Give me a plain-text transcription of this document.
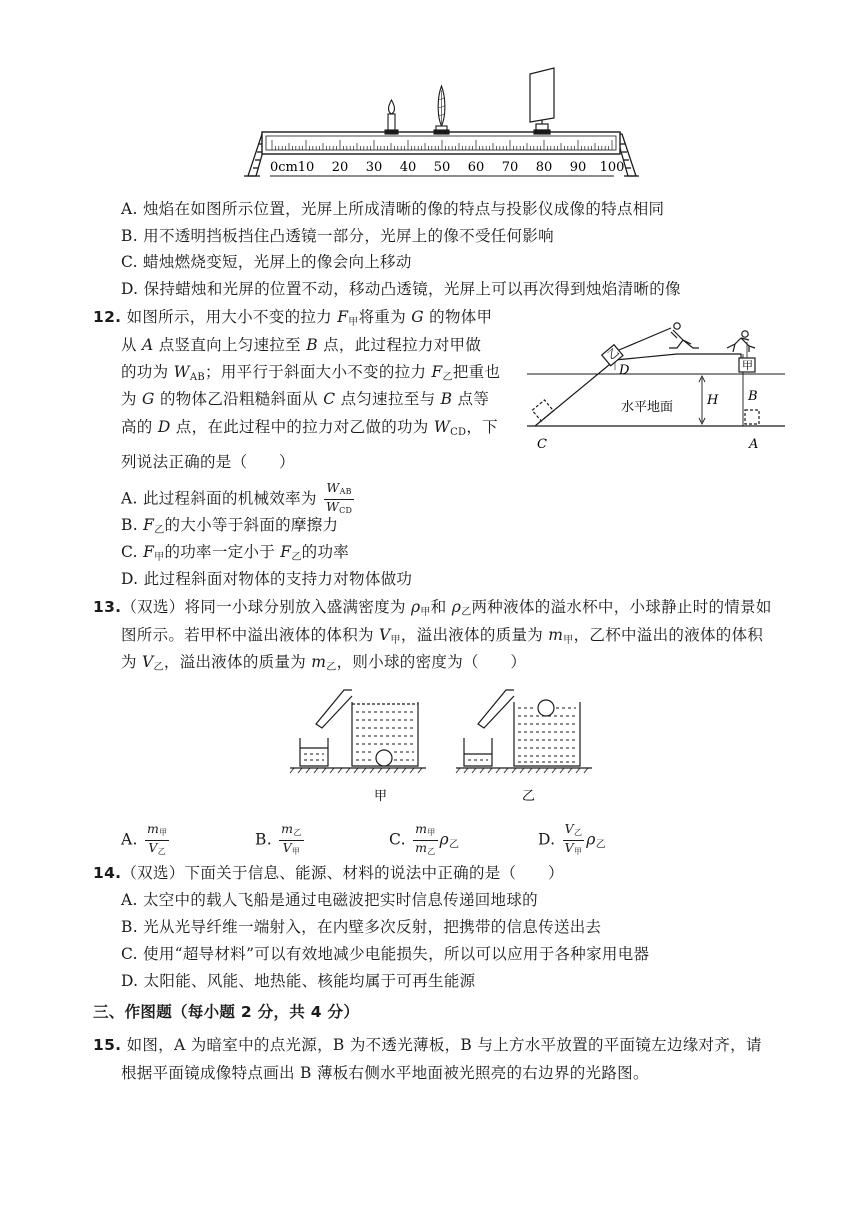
0cm 10 20 30 40 50 60 70 80 90 100
A. 烛焰在如图所示位置，光屏上所成清晰的像的特点与投影仪成像的特点相同
B. 用不透明挡板挡住凸透镜一部分，光屏上的像不受任何影响
C. 蜡烛燃烧变短，光屏上的像会向上移动
D. 保持蜡烛和光屏的位置不动，移动凸透镜，光屏上可以再次得到烛焰清晰的像
12. 如图所示，用大小不变的拉力 $F_甲$将重为 G 的物体甲
从 A 点竖直向上匀速拉至 B 点，此过程拉力对甲做
的功为 $W_{AB}$；用平行于斜面大小不变的拉力 $F_乙$把重也
为 G 的物体乙沿粗糙斜面从 C 点匀速拉至与 B 点等
高的 D 点，在此过程中的拉力对乙做的功为 $W_{CD}$，下
列说法正确的是（　　）
A. 此过程斜面的机械效率为 $\frac{W_{AB}}{W_{CD}}$
B. $F_乙$的大小等于斜面的摩擦力
C. $F_甲$的功率一定小于 $F_乙$的功率
D. 此过程斜面对物体的支持力对物体做功
乙
甲
D
H B
水平地面
C	A
13.（双选）将同一小球分别放入盛满密度为 $\rho_甲$和 $\rho_乙$两种液体的溢水杯中，小球静止时的情景如
图所示。若甲杯中溢出液体的体积为 $V_甲$，溢出液体的质量为 $m_甲$，乙杯中溢出的液体的体积
为 $V_乙$，溢出液体的质量为 $m_乙$，则小球的密度为（　　）
甲	乙
A. $\frac{m_甲}{V_乙}$	B. $\frac{m_乙}{V_甲}$	C. $\frac{m_甲}{m_乙} \rho_乙$	D. $\frac{V_乙}{V_甲} \rho_乙$
14.（双选）下面关于信息、能源、材料的说法中正确的是（　　）
A. 太空中的载人飞船是通过电磁波把实时信息传递回地球的
B. 光从光导纤维一端射入，在内壁多次反射，把携带的信息传送出去
C. 使用“超导材料”可以有效地减少电能损失，所以可以应用于各种家用电器
D. 太阳能、风能、地热能、核能均属于可再生能源
三、作图题（每小题 2 分，共 4 分）
15. 如图，A 为暗室中的点光源，B 为不透光薄板，B 与上方水平放置的平面镜左边缘对齐，请
根据平面镜成像特点画出 B 薄板右侧水平地面被光照亮的右边界的光路图。
